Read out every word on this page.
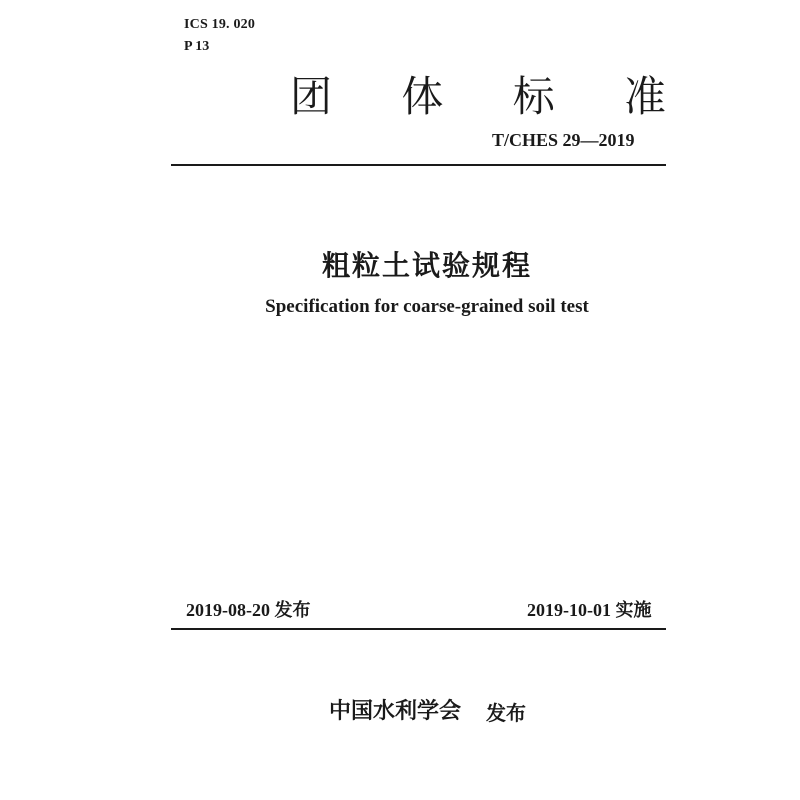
ICS 19. 020
P 13
团 体 标 准
T/CHES 29—2019
粗粒土试验规程
Specification for coarse-grained soil test
2019-08-20 发布	2019-10-01 实施
中国水利学会 发布
